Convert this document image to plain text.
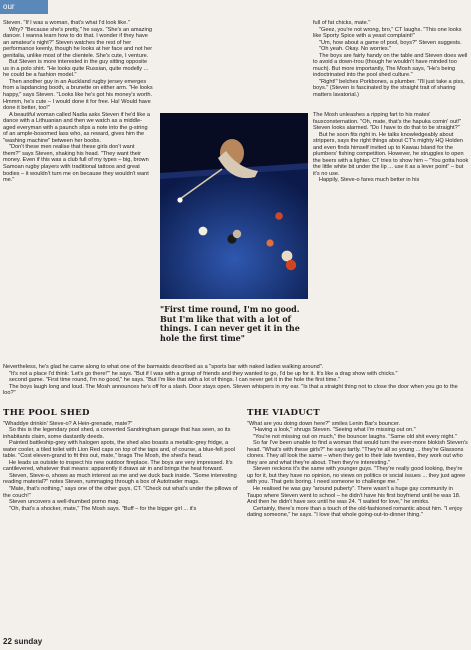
our

Steven. "If I was a woman, that's what I'd look like."

Why? "Because she's pretty," he says. "She's an amazing dancer. I wanna learn how to do that. I wonder if they have an amateur's night?" Steven watches the rest of her performance keenly, though he looks at her face and not her genitalia, unlike most of the clientele. She's cute, I venture.

But Steven is more interested in the guy sitting opposite us in a polo shirt. "He looks quite Russian, quite modelly ... he could be a fashion model."

Then another guy in an Auckland rugby jersey emerges from a lapdancing booth, a brunette on either arm. "He looks happy," says Steven. "Looks like he's got his money's worth. Hmmm, he's cute – I would done it for free. Ha! Would have done it better, too!"

A beautiful woman called Nadia asks Steven if he'd like a dance with a Lithuanian and then we watch as a middle-aged everyman with a paunch slips a note into the g-string of an ample-bosomed lass who, as reward, gives him the "washing machine" between her boobs.

"Don't these men realise that these girls don't want them?" says Steven, shaking his head. "They want their money. Even if this was a club full of my types – big, brown Samoan rugby players with traditional tattoos and great bodies – it wouldn't turn me on because they wouldn't want me."

full of fat chicks, mate."

"Geez, you're not wrong, bro," CT laughs. "This one looks like Sporty Spice with a yeast complaint!"

"Um, how about a game of pool, boys?" Steven suggests.

"Oh yeah. Okay. No worries."

The boys are fairly handy on the table and Steven does well to avoid a down-trou (though he wouldn't have minded too much). But more importantly, The Mosh says, "He's being indoctrinated into the pool shed culture."

"Right!" belches Porkbones, a plumber. "I'll just take a piss, boys." (Steven is fascinated by the straight trait of sharing matters lavatorial.)

"First time round, I'm no good. But I'm like that with a lot of things. I can never get it in the hole the first time"

The Mosh unleashes a ripping fart to his mates' fauxconsternation. "Oh, mate, that's the hapuka comin' out!" Steven looks alarmed. "Do I have to do that to be straight?"

But he soon fits right in. He talks knowledgeably about strippers, says the right things about CT's mighty HQ Holden and even finds himself invited up to Kawau Island for the plumbers' fishing competition. However, he struggles to open the beers with a lighter. CT tries to show him – "You gotta hook the little white bit under the lip ... use it as a lever point" – but it's no use.

Happily, Steve-o fares much better in his

Nevertheless, he's glad he came along to what one of the barmaids described as a "sports bar with naked ladies walking around".

"It's not a place I'd think: 'Let's go there!'" he says. "But if I was with a group of friends and they wanted to go, I'd be up for it. It's like a drag show with chicks."

second game. "First time round, I'm no good," he says. "But I'm like that with a lot of things. I can never get it in the hole the first time."

The boys laugh long and loud. The Mosh announces he's off for a slash. Door stays open. Steven whispers in my ear. "Is that a straight thing not to close the door when you go to the loo?"

THE POOL SHED

"Whaddye drinkin' Steve-o? A Hein-grenade, mate?"

So this is the legendary pool shed, a converted Sandringham garage that has seen, so its inhabitants claim, some dastardly deeds.

Painted battleship-grey with halogen spots, the shed also boasts a metallic-grey fridge, a water cooler, a tiled toilet with Lion Red caps on top of the taps and, of course, a blue-felt pool table. "Cost eleven-grand to fit this out, mate," brags The Mosh, the shed's head.

He leads us outside to inspect his new outdoor fireplace. The boys are very impressed. It's cantilevered, whatever that means: apparently it draws air in and brings the heat forward.

Steven, Steve-o, shows as much interest as me and we duck back inside. "Some interesting reading material?" notes Steven, rummaging through a box of Autotrader mags.

"Mate, that's nothing," says one of the other guys, CT. "Check out what's under the pillows of the couch!"

Steven uncovers a well-thumbed porno mag.

"Oh, that's a shocker, mate," The Mosh says. "Buff – for the bigger girl ... it's

THE VIADUCT

"What are you doing down here?" smiles Lenin Bar's bouncer.

"Having a look," shrugs Steven. "Seeing what I'm missing out on."

"You're not missing out on much," the bouncer laughs. "Same old shit every night."

So far I've been unable to find a woman that would turn the ever-more blokish Steven's head. "What's with these girls?" he says tartly. "They're all so young ... they're Glassons clones. They all look the same – when they get to their late twenties, they work out who they are and what they're about. Then they're interesting."

Steven reckons it's the same with younger guys. "They're really good looking, they're up for it, but they have no opinion, no views on politics or social issues ... they just agree with you. That gets boring. I need someone to challenge me."

He realised he was gay "around puberty". There wasn't a huge gay community in Taupo where Steven went to school – he didn't have his first boyfriend until he was 18. And then he didn't have sex until he was 24. "I waited for love," he smirks.

Certainly, there's more than a touch of the old-fashioned romantic about him. "I enjoy dating someone," he says. "I love that whole going-out-to-dinner thing."

22 sunday
